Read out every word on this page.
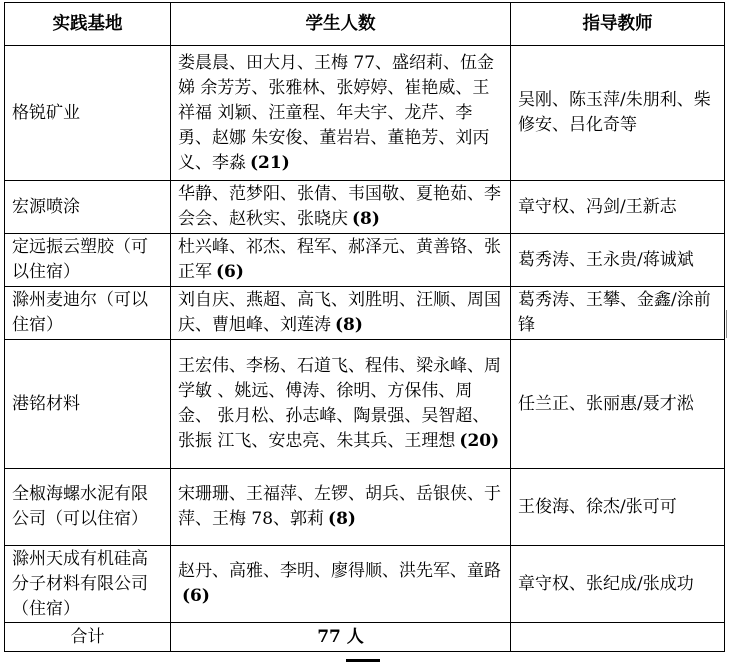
实践基地	学生人数	指导教师
格锐矿业	娄晨晨、田大月、王梅 77、盛绍莉、伍金娣 余芳芳、张雅林、张婷婷、崔艳威、王祥福 刘颖、汪童程、年夫宇、龙芹、李勇、赵娜 朱安俊、董岩岩、董艳芳、刘丙义、李淼 (21)	吴刚、陈玉萍/朱朋利、柴修安、吕化奇等
宏源喷涂	华静、范梦阳、张倩、韦国敬、夏艳茹、李会会、赵秋实、张晓庆 (8)	章守权、冯剑/王新志
定远振云塑胶（可以住宿）	杜兴峰、祁杰、程军、郝泽元、黄善铬、张正军 (6)	葛秀涛、王永贵/蒋诚斌
滁州麦迪尔（可以住宿）	刘自庆、燕超、高飞、刘胜明、汪顺、周国庆、曹旭峰、刘莲涛 (8)	葛秀涛、王攀、金鑫/涂前锋
港铭材料	王宏伟、李杨、石道飞、程伟、梁永峰、周学敏 、姚远、傅涛、徐明、方保伟、周金、 张月松、孙志峰、陶景强、吴智超、张振 江飞、安忠亮、朱其兵、王理想 (20)	任兰正、张丽惠/聂才淞
全椒海螺水泥有限公司（可以住宿）	宋珊珊、王福萍、左锣、胡兵、岳银侠、于萍、王梅 78、郭莉 (8)	王俊海、徐杰/张可可
滁州天成有机硅高分子材料有限公司（住宿）	赵丹、高雅、李明、廖得顺、洪先军、童路(6)	章守权、张纪成/张成功
合计	77 人	
